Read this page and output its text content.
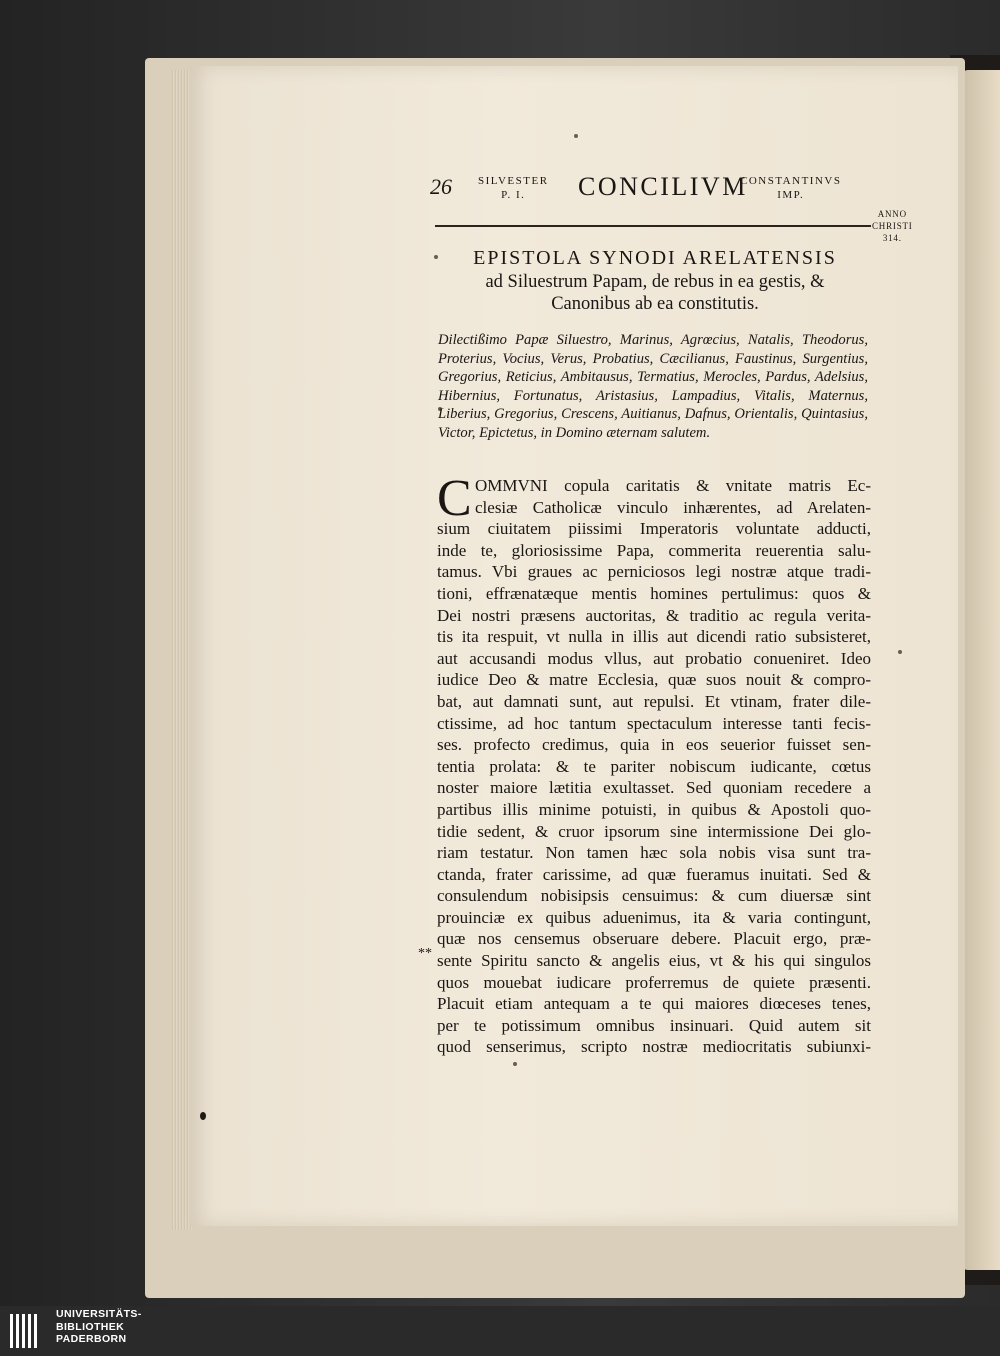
26 SILVESTER
P. I.	CONCILIVM
CONSTANTINVS
IMP.
ANNO
CHRISTI
314.
EPISTOLA SYNODI ARELATENSIS
ad Siluestrum Papam, de rebus in ea gestis, &
Canonibus ab ea constitutis.
Dilectißimo Papæ Siluestro, Marinus, Agrœcius, Natalis, Theodorus, Proterius, Vocius, Verus, Probatius, Cæcilianus, Faustinus, Surgentius, Gregorius, Reticius, Ambitausus, Termatius, Merocles, Pardus, Adelsius, Hibernius, Fortunatus, Aristasius, Lampadius, Vitalis, Maternus, Liberius, Gregorius, Crescens, Auitianus, Dafnus, Orientalis, Quintasius, Victor, Epictetus, in Domino æternam salutem.
C OMMVNI copula caritatis & vnitate matris Ec-
clesiæ Catholicæ vinculo inhærentes, ad Arelaten-
sium ciuitatem piissimi Imperatoris voluntate adducti,
inde te, gloriosissime Papa, commerita reuerentia salu-
tamus. Vbi graues ac perniciosos legi nostræ atque tradi-
tioni, effrænatæque mentis homines pertulimus: quos &
Dei nostri præsens auctoritas, & traditio ac regula verita-
tis ita respuit, vt nulla in illis aut dicendi ratio subsisteret,
aut accusandi modus vllus, aut probatio conueniret. Ideo
iudice Deo & matre Ecclesia, quæ suos nouit & compro-
bat, aut damnati sunt, aut repulsi. Et vtinam, frater dile-
ctissime, ad hoc tantum spectaculum interesse tanti fecis-
ses. profecto credimus, quia in eos seuerior fuisset sen-
tentia prolata: & te pariter nobiscum iudicante, cœtus
noster maiore lætitia exultasset. Sed quoniam recedere a
partibus illis minime potuisti, in quibus & Apostoli quo-
tidie sedent, & cruor ipsorum sine intermissione Dei glo-
riam testatur. Non tamen hæc sola nobis visa sunt tra-
ctanda, frater carissime, ad quæ fueramus inuitati. Sed &
consulendum nobisipsis censuimus: & cum diuersæ sint
prouinciæ ex quibus aduenimus, ita & varia contingunt,
quæ nos censemus obseruare debere. Placuit ergo, præ-
sente Spiritu sancto & angelis eius, vt & his qui singulos
quos mouebat iudicare proferremus de quiete præsenti.
Placuit etiam antequam a te qui maiores diœceses tenes,
per te potissimum omnibus insinuari. Quid autem sit
quod senserimus, scripto nostræ mediocritatis subiunxi-
**
UNIVERSITÄTS-
BIBLIOTHEK
PADERBORN
